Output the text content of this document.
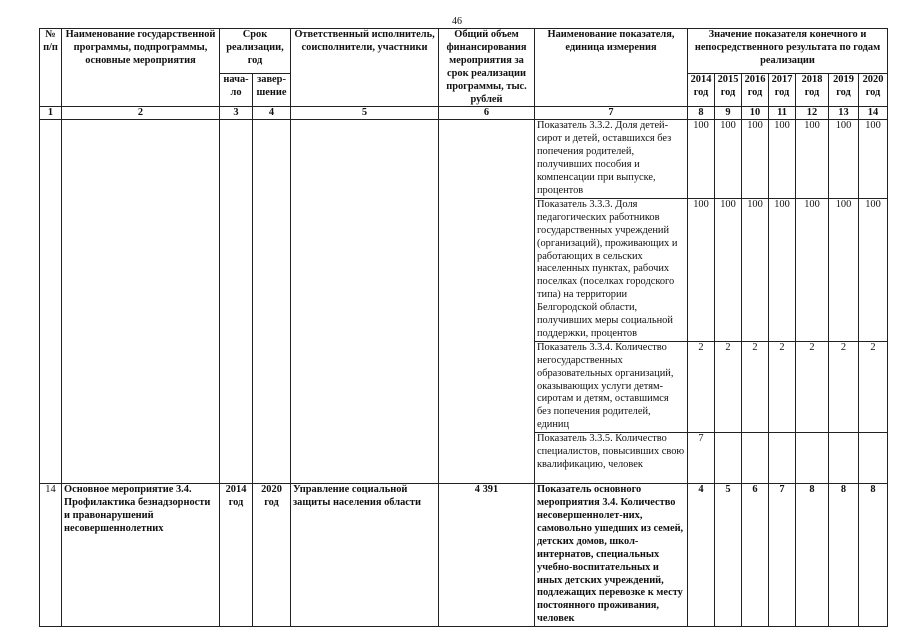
46
№ п/п	Наименование государственной программы, подпрограммы, основные мероприятия	Срок реализации, год		Ответственный исполнитель, соисполнители, участники	Общий объем финансирования мероприятия за срок реализации программы, тыс. рублей	Наименование показателя, единица измерения	Значение показателя конечного и непосредственного результата по годам реализации						
		нача-ло	завер-шение				2014 год	2015 год	2016 год	2017 год	2018 год	2019 год	2020 год
1	2	3	4	5	6	7	8	9	10	11	12	13	14
						Показатель 3.3.2. Доля детей-сирот и детей, оставшихся без попечения родителей, получивших пособия и компенсации при выпуске, процентов	100	100	100	100	100	100	100
						Показатель 3.3.3. Доля педагогических работников государственных учреждений (организаций), проживающих и работающих в сельских населенных пунктах, рабочих поселках (поселках городского типа) на территории Белгородской области, получивших меры социальной поддержки, процентов	100	100	100	100	100	100	100
						Показатель 3.3.4. Количество негосударственных образовательных организаций, оказывающих услуги детям-сиротам и детям, оставшимся без попечения родителей, единиц	2	2	2	2	2	2	2
						Показатель 3.3.5. Количество специалистов, повысивших свою квалификацию, человек	7						
14	Основное мероприятие 3.4. Профилактика безнадзорности и правонарушений несовершеннолетних	2014 год	2020 год	Управление социальной защиты населения области	4 391	Показатель основного мероприятия 3.4. Количество несовершеннолет-них, самовольно ушедших из семей, детских домов, школ-интернатов, специальных учебно-воспитательных и иных детских учреждений, подлежащих перевозке к месту постоянного проживания, человек	4	5	6	7	8	8	8
